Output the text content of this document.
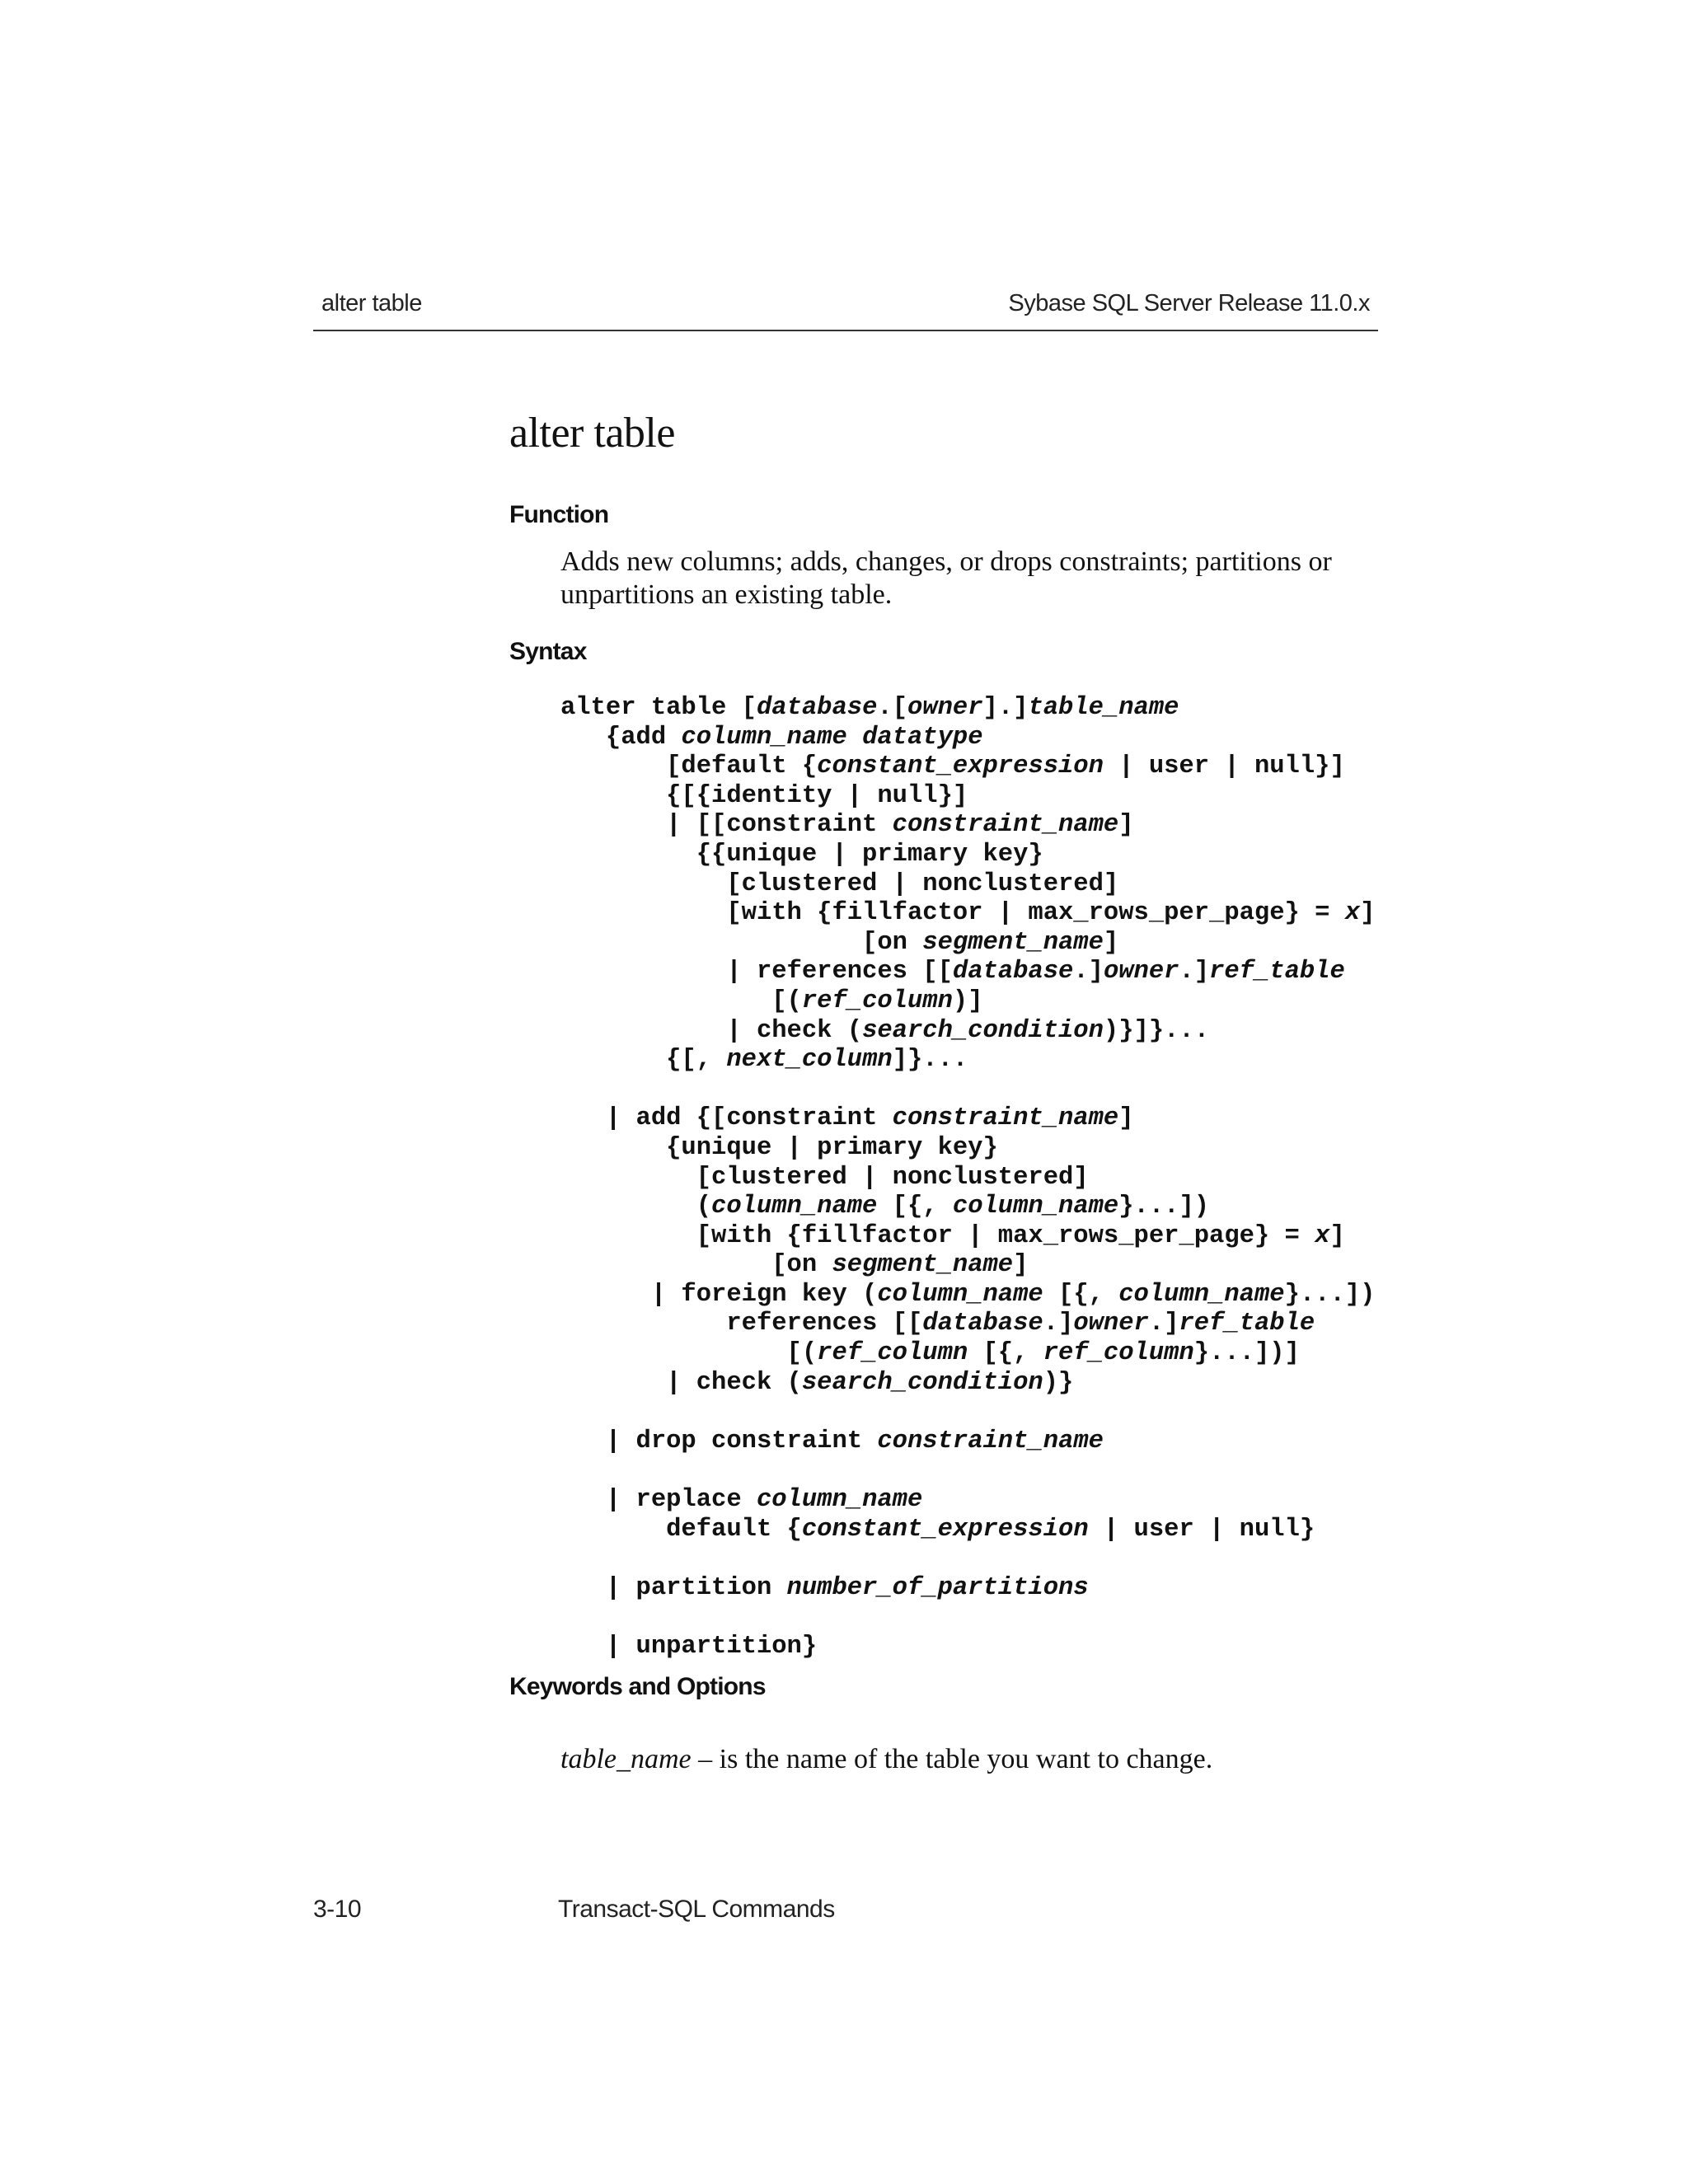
alter table	Sybase SQL Server Release 11.0.x
alter table
Function

Adds new columns; adds, changes, or drops constraints; partitions or unpartitions an existing table.

Syntax
alter table [database.[owner].]table_name
{add column_name datatype
[default {constant_expression | user | null}]
{[{identity | null}]
| [[constraint constraint_name]
{{unique | primary key}
[clustered | nonclustered]
[with {fillfactor | max_rows_per_page} = x]
[on segment_name]
| references [[database.]owner.]ref_table
[(ref_column)]
| check (search_condition)}]}...
{[, next_column]}...
| add {[constraint constraint_name]
{unique | primary key}
[clustered | nonclustered]
(column_name [{, column_name}...])
[with {fillfactor | max_rows_per_page} = x]
[on segment_name]
| foreign key (column_name [{, column_name}...])
references [[database.]owner.]ref_table
[(ref_column [{, ref_column}...])]
| check (search_condition)}
| drop constraint constraint_name
| replace column_name
default {constant_expression | user | null}
| partition number_of_partitions
| unpartition}
Keywords and Options

table_name – is the name of the table you want to change.

3-10	Transact-SQL Commands
